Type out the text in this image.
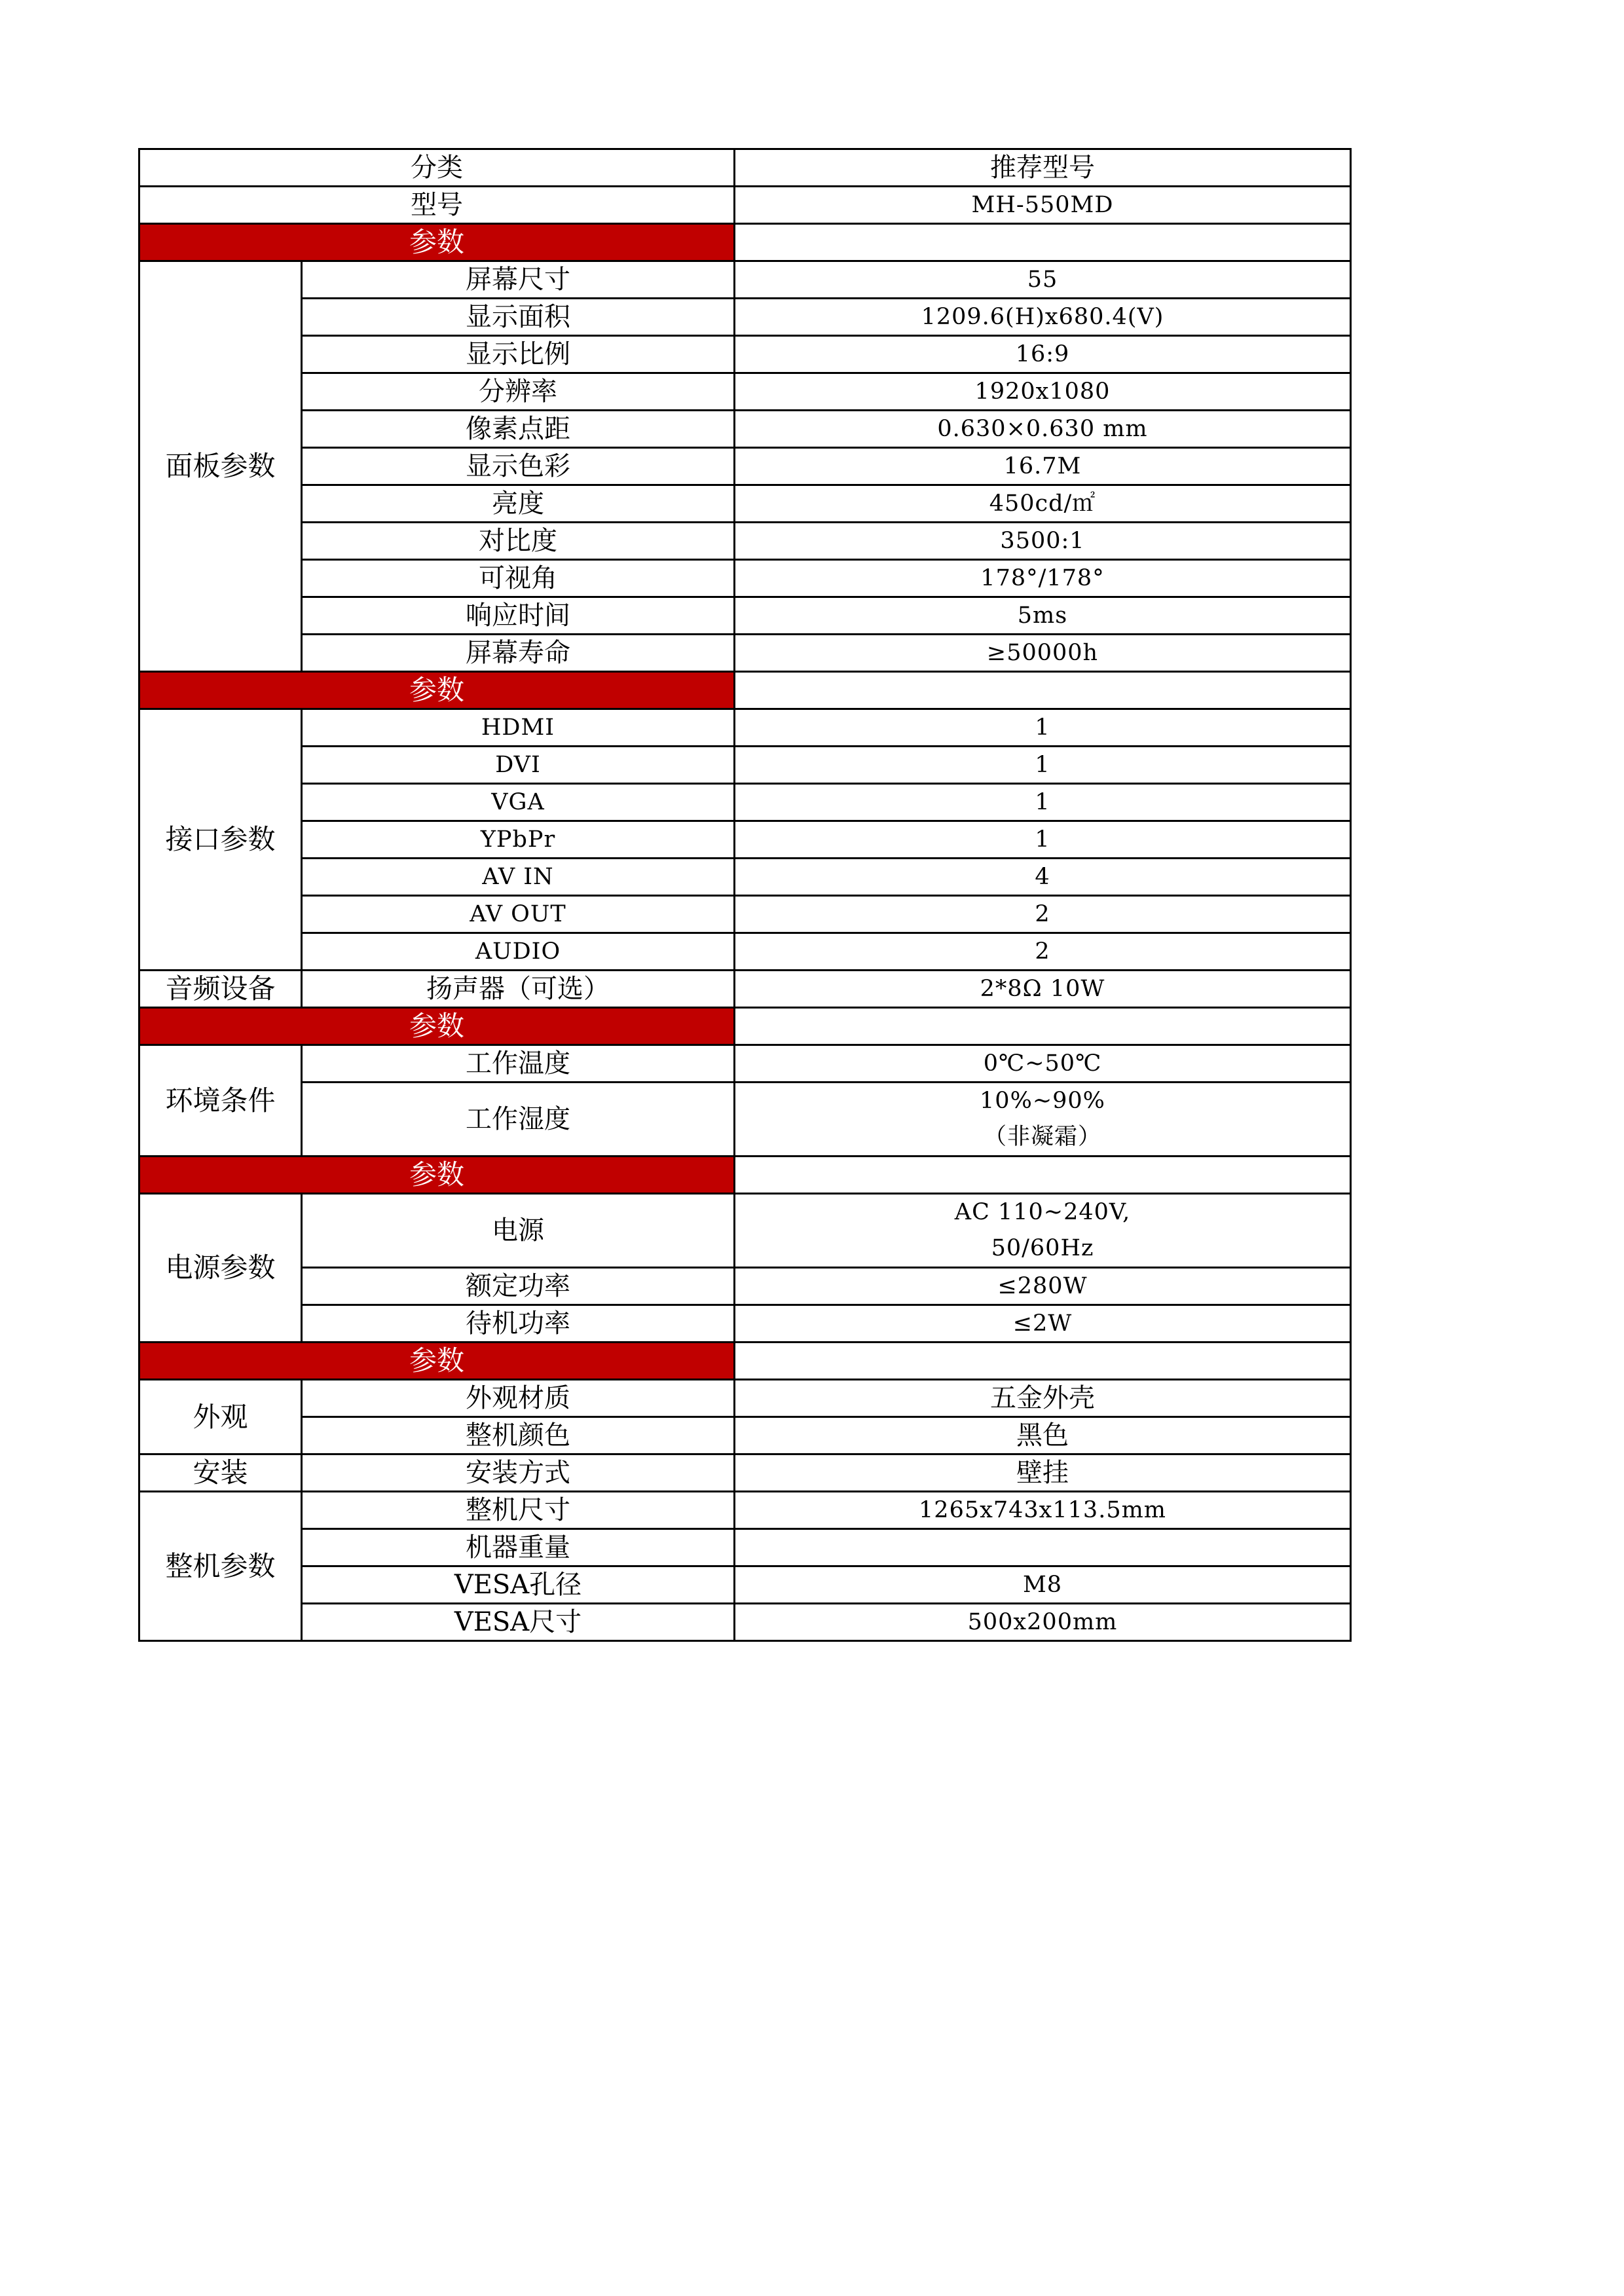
分类		推荐型号
型号		MH-550MD
参数		
面板参数	屏幕尺寸	55
	显示面积	1209.6(H)x680.4(V)
	显示比例	16:9
	分辨率	1920x1080
	像素点距	0.630×0.630 mm
	显示色彩	16.7M
	亮度	450cd/㎡
	对比度	3500:1
	可视角	178°/178°
	响应时间	5ms
	屏幕寿命	≥50000h
参数		
接口参数	HDMI	1
	DVI	1
	VGA	1
	YPbPr	1
	AV IN	4
	AV OUT	2
	AUDIO	2
音频设备	扬声器（可选）	2*8Ω 10W
参数		
环境条件	工作温度	0℃~50℃
	工作湿度	10%~90%
（非凝霜）

参数		
电源参数	电源	AC 110~240V,
50/60Hz

	额定功率	≤280W
	待机功率	≤2W
参数		
外观	外观材质	五金外壳
	整机颜色	黑色
安装	安装方式	壁挂
整机参数	整机尺寸	1265x743x113.5mm
	机器重量	
	VESA孔径	M8
	VESA尺寸	500x200mm
